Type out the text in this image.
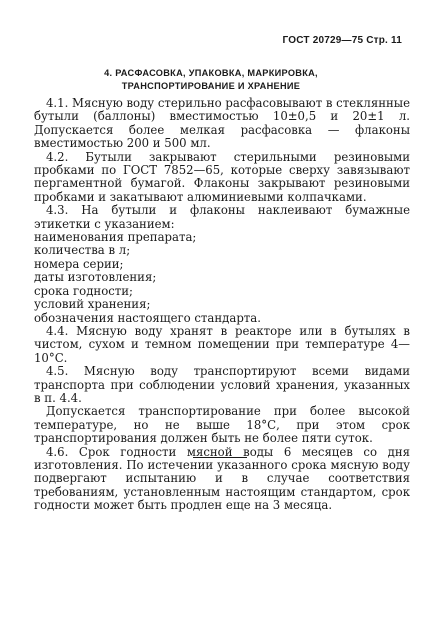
ГОСТ 20729—75 Стр. 11
4. РАСФАСОВКА, УПАКОВКА, МАРКИРОВКА,
ТРАНСПОРТИРОВАНИЕ И ХРАНЕНИЕ

4.1. Мясную воду стерильно расфасовывают в стеклянные бутыли (баллоны) вместимостью 10±0,5 и 20±1 л. Допускается более мелкая расфасовка — флаконы вместимостью 200 и 500 мл.

4.2. Бутыли закрывают стерильными резиновыми пробками по ГОСТ 7852—65, которые сверху завязывают пергаментной бумагой. Флаконы закрывают резиновыми пробками и закатывают алюминиевыми колпачками.

4.3. На бутыли и флаконы наклеивают бумажные этикетки с указанием:

наименования препарата;

количества в л;

номера серии;

даты изготовления;

срока годности;

условий хранения;

обозначения настоящего стандарта.

4.4. Мясную воду хранят в реакторе или в бутылях в чистом, сухом и темном помещении при температуре 4—10°С.

4.5. Мясную воду транспортируют всеми видами транспорта при соблюдении условий хранения, указанных в п. 4.4.

Допускается транспортирование при более высокой температуре, но не выше 18°С, при этом срок транспортирования должен быть не более пяти суток.

4.6. Срок годности мясной воды 6 месяцев со дня изготовления. По истечении указанного срока мясную воду подвергают испытанию и в случае соответствия требованиям, установленным настоящим стандартом, срок годности может быть продлен еще на 3 месяца.
